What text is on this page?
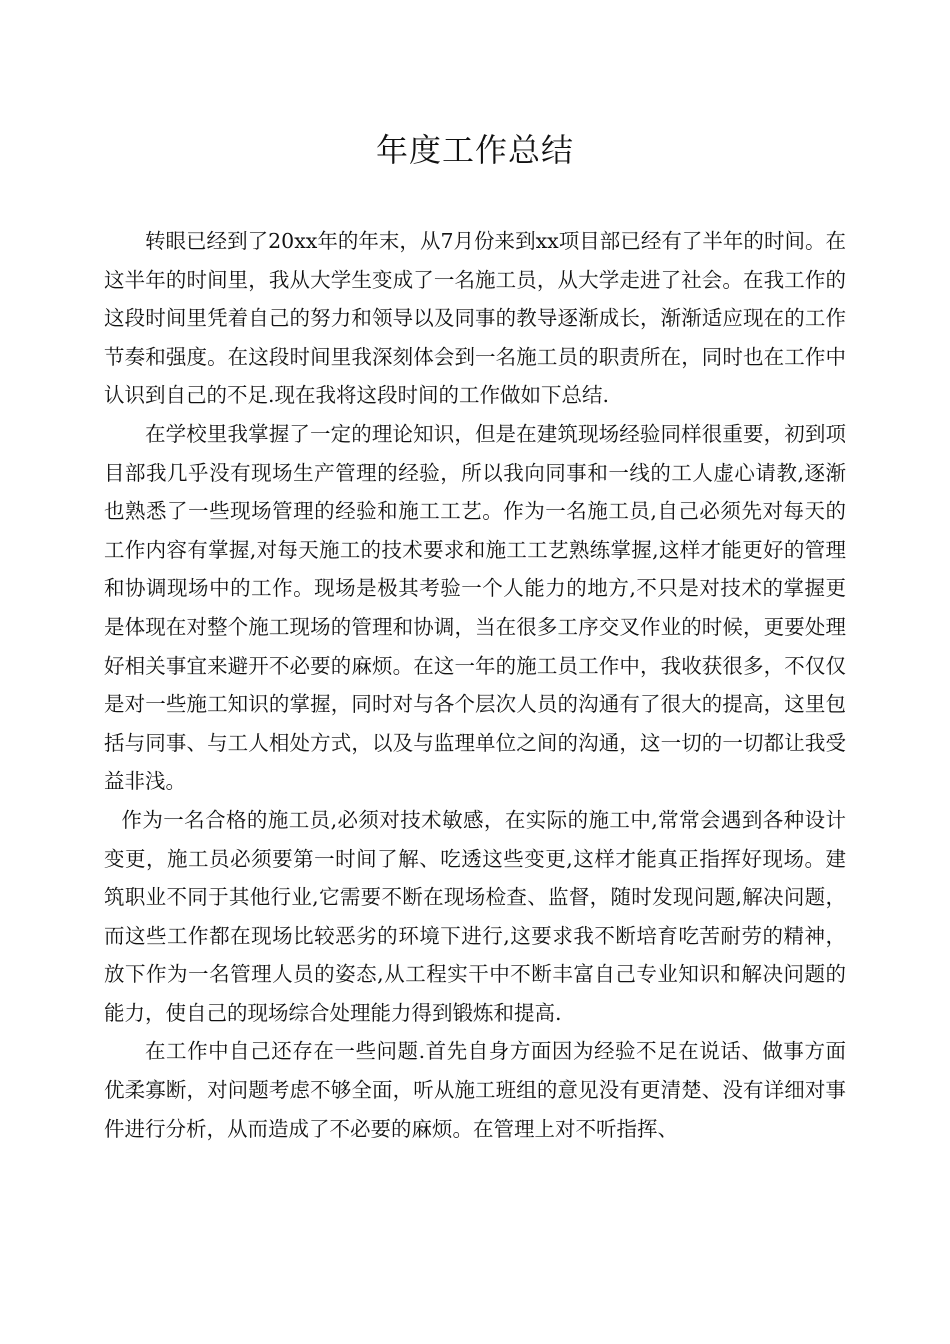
年度工作总结

转眼已经到了20xx年的年末，从7月份来到xx项目部已经有了半年的时间。在这半年的时间里，我从大学生变成了一名施工员，从大学走进了社会。在我工作的这段时间里凭着自己的努力和领导以及同事的教导逐渐成长，渐渐适应现在的工作节奏和强度。在这段时间里我深刻体会到一名施工员的职责所在，同时也在工作中认识到自己的不足.现在我将这段时间的工作做如下总结.

在学校里我掌握了一定的理论知识，但是在建筑现场经验同样很重要，初到项目部我几乎没有现场生产管理的经验，所以我向同事和一线的工人虚心请教,逐渐也熟悉了一些现场管理的经验和施工工艺。作为一名施工员,自己必须先对每天的工作内容有掌握,对每天施工的技术要求和施工工艺熟练掌握,这样才能更好的管理和协调现场中的工作。现场是极其考验一个人能力的地方,不只是对技术的掌握更是体现在对整个施工现场的管理和协调，当在很多工序交叉作业的时候，更要处理好相关事宜来避开不必要的麻烦。在这一年的施工员工作中，我收获很多，不仅仅是对一些施工知识的掌握，同时对与各个层次人员的沟通有了很大的提高，这里包括与同事、与工人相处方式，以及与监理单位之间的沟通，这一切的一切都让我受益非浅。

作为一名合格的施工员,必须对技术敏感，在实际的施工中,常常会遇到各种设计变更，施工员必须要第一时间了解、吃透这些变更,这样才能真正指挥好现场。建筑职业不同于其他行业,它需要不断在现场检查、监督，随时发现问题,解决问题，而这些工作都在现场比较恶劣的环境下进行,这要求我不断培育吃苦耐劳的精神，放下作为一名管理人员的姿态,从工程实干中不断丰富自己专业知识和解决问题的能力，使自己的现场综合处理能力得到锻炼和提高.

在工作中自己还存在一些问题.首先自身方面因为经验不足在说话、做事方面优柔寡断，对问题考虑不够全面，听从施工班组的意见没有更清楚、没有详细对事件进行分析，从而造成了不必要的麻烦。在管理上对不听指挥、
